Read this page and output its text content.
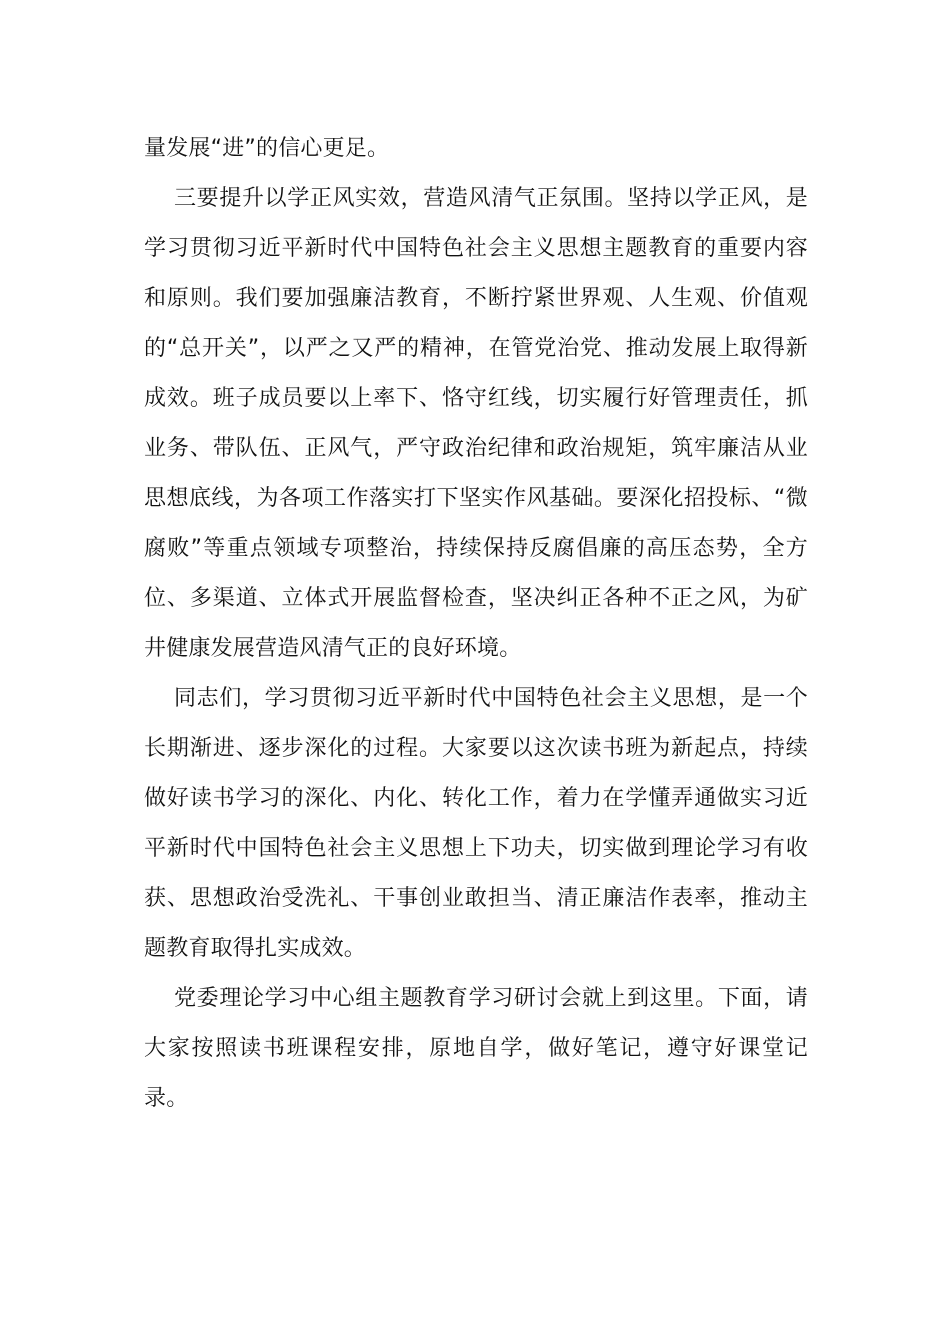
量发展“进”的信心更足。

三要提升以学正风实效，营造风清气正氛围。坚持以学正风，是学习贯彻习近平新时代中国特色社会主义思想主题教育的重要内容和原则。我们要加强廉洁教育，不断拧紧世界观、人生观、价值观的“总开关”，以严之又严的精神，在管党治党、推动发展上取得新成效。班子成员要以上率下、恪守红线，切实履行好管理责任，抓业务、带队伍、正风气，严守政治纪律和政治规矩，筑牢廉洁从业思想底线，为各项工作落实打下坚实作风基础。要深化招投标、“微腐败”等重点领域专项整治，持续保持反腐倡廉的高压态势，全方位、多渠道、立体式开展监督检查，坚决纠正各种不正之风，为矿井健康发展营造风清气正的良好环境。

同志们，学习贯彻习近平新时代中国特色社会主义思想，是一个长期渐进、逐步深化的过程。大家要以这次读书班为新起点，持续做好读书学习的深化、内化、转化工作，着力在学懂弄通做实习近平新时代中国特色社会主义思想上下功夫，切实做到理论学习有收获、思想政治受洗礼、干事创业敢担当、清正廉洁作表率，推动主题教育取得扎实成效。

党委理论学习中心组主题教育学习研讨会就上到这里。下面，请大家按照读书班课程安排，原地自学，做好笔记，遵守好课堂记录。
